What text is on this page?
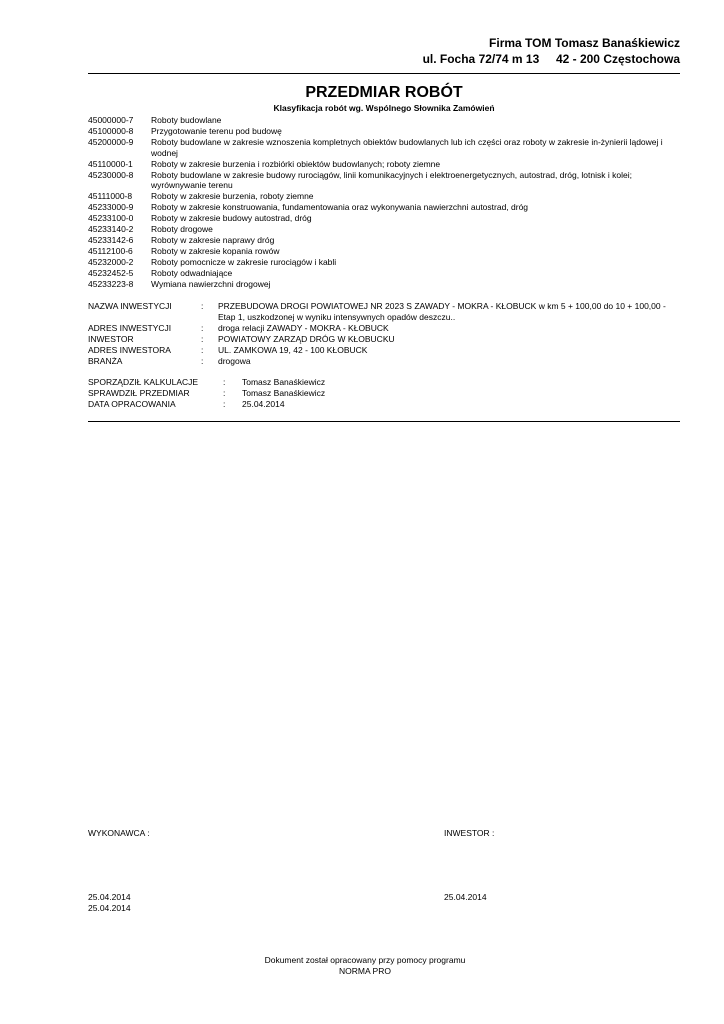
Firma TOM Tomasz Banaśkiewicz
ul. Focha 72/74 m 13     42 - 200 Częstochowa
PRZEDMIAR ROBÓT
Klasyfikacja robót wg. Wspólnego Słownika Zamówień
45000000-7	Roboty budowlane
45100000-8	Przygotowanie terenu pod budowę
45200000-9	Roboty budowlane w zakresie wznoszenia kompletnych obiektów budowlanych lub ich części oraz roboty w zakresie in-żynierii lądowej i wodnej
45110000-1	Roboty w zakresie burzenia i rozbiórki obiektów budowlanych; roboty ziemne
45230000-8	Roboty budowlane w zakresie budowy rurociągów, linii komunikacyjnych i elektroenergetycznych, autostrad, dróg, lotnisk i kolei; wyrównywanie terenu
45111000-8	Roboty w zakresie burzenia, roboty ziemne
45233000-9	Roboty w zakresie konstruowania, fundamentowania oraz wykonywania nawierzchni autostrad, dróg
45233100-0	Roboty w zakresie budowy autostrad, dróg
45233140-2	Roboty drogowe
45233142-6	Roboty w zakresie naprawy dróg
45112100-6	Roboty w zakresie kopania rowów
45232000-2	Roboty pomocnicze w zakresie rurociągów i kabli
45232452-5	Roboty odwadniające
45233223-8	Wymiana nawierzchni drogowej
NAZWA INWESTYCJI	:	PRZEBUDOWA DROGI POWIATOWEJ NR 2023 S ZAWADY - MOKRA - KŁOBUCK w km 5 + 100,00 do 10 + 100,00 - Etap 1, uszkodzonej w wyniku intensywnych opadów deszczu..
ADRES INWESTYCJI	:	droga relacji ZAWADY - MOKRA - KŁOBUCK
INWESTOR	:	POWIATOWY ZARZĄD DRÓG W KŁOBUCKU
ADRES INWESTORA	:	UL. ZAMKOWA 19, 42 - 100 KŁOBUCK
BRANŻA	:	drogowa
SPORZĄDZIŁ KALKULACJE	:	Tomasz Banaśkiewicz
SPRAWDZIŁ PRZEDMIAR	:	Tomasz Banaśkiewicz
DATA OPRACOWANIA	:	25.04.2014
WYKONAWCA :	INWESTOR :
25.04.2014
25.04.2014
25.04.2014
Dokument został opracowany przy pomocy programu
NORMA PRO
